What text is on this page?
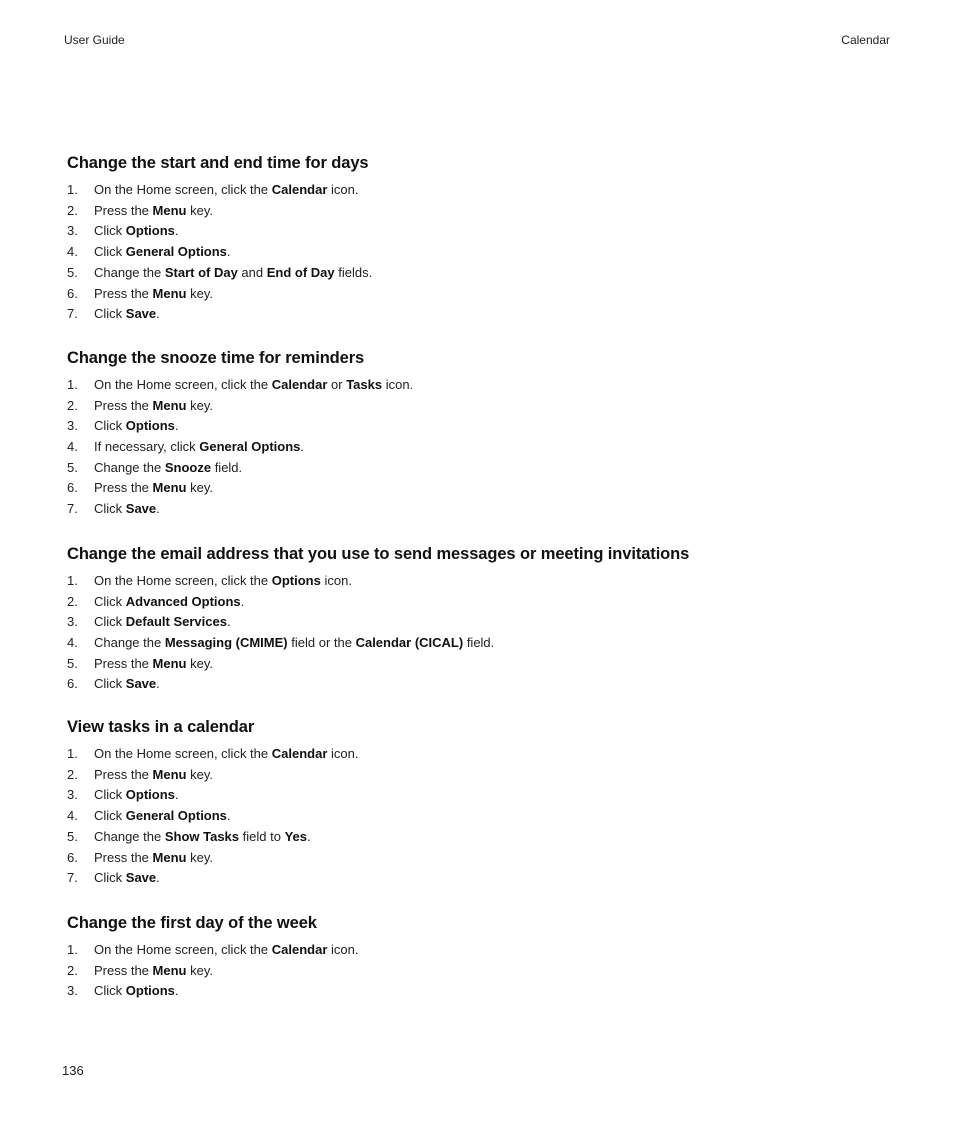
User Guide	Calendar
Change the start and end time for days
1. On the Home screen, click the Calendar icon.
2. Press the Menu key.
3. Click Options.
4. Click General Options.
5. Change the Start of Day and End of Day fields.
6. Press the Menu key.
7. Click Save.
Change the snooze time for reminders
1. On the Home screen, click the Calendar or Tasks icon.
2. Press the Menu key.
3. Click Options.
4. If necessary, click General Options.
5. Change the Snooze field.
6. Press the Menu key.
7. Click Save.
Change the email address that you use to send messages or meeting invitations
1. On the Home screen, click the Options icon.
2. Click Advanced Options.
3. Click Default Services.
4. Change the Messaging (CMIME) field or the Calendar (CICAL) field.
5. Press the Menu key.
6. Click Save.
View tasks in a calendar
1. On the Home screen, click the Calendar icon.
2. Press the Menu key.
3. Click Options.
4. Click General Options.
5. Change the Show Tasks field to Yes.
6. Press the Menu key.
7. Click Save.
Change the first day of the week
1. On the Home screen, click the Calendar icon.
2. Press the Menu key.
3. Click Options.
136
